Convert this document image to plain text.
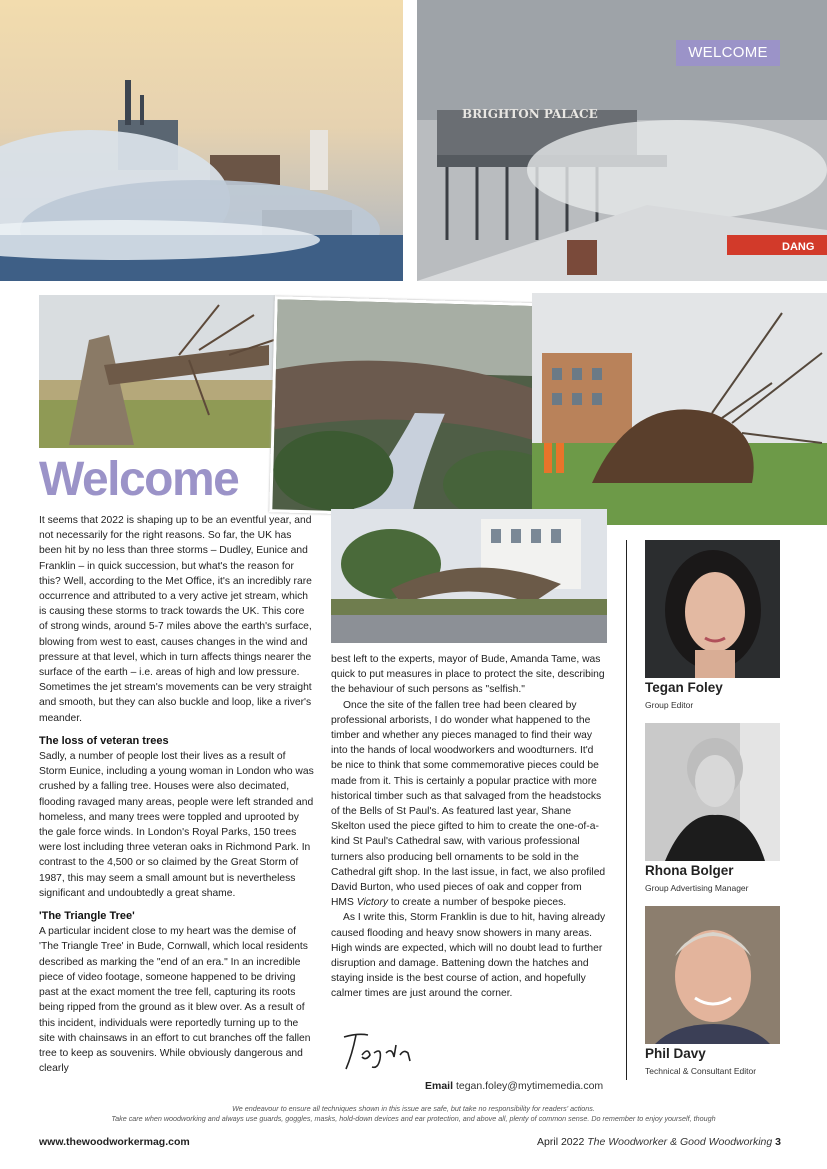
BRIGHTON PALACE
DANG
WELCOME
Welcome

It seems that 2022 is shaping up to be an eventful year, and not necessarily for the right reasons. So far, the UK has been hit by no less than three storms – Dudley, Eunice and Franklin – in quick succession, but what's the reason for this? Well, according to the Met Office, it's an incredibly rare occurrence and attributed to a very active jet stream, which is causing these storms to track towards the UK. This core of strong winds, around 5-7 miles above the earth's surface, blowing from west to east, causes changes in the wind and pressure at that level, which in turn affects things nearer the surface of the earth – i.e. areas of high and low pressure. Sometimes the jet stream's movements can be very straight and smooth, but they can also buckle and loop, like a river's meander.

The loss of veteran trees

Sadly, a number of people lost their lives as a result of Storm Eunice, including a young woman in London who was crushed by a falling tree. Houses were also decimated, flooding ravaged many areas, people were left stranded and homeless, and many trees were toppled and uprooted by the gale force winds. In London's Royal Parks, 150 trees were lost including three veteran oaks in Richmond Park. In contrast to the 4,500 or so claimed by the Great Storm of 1987, this may seem a small amount but is nevertheless significant and undoubtedly a great shame.

'The Triangle Tree'

A particular incident close to my heart was the demise of 'The Triangle Tree' in Bude, Cornwall, which local residents described as marking the "end of an era." In an incredible piece of video footage, someone happened to be driving past at the exact moment the tree fell, capturing its roots being ripped from the ground as it blew over. As a result of this incident, individuals were reportedly turning up to the site with chainsaws in an effort to cut branches off the fallen tree to keep as souvenirs. While obviously dangerous and clearly

best left to the experts, mayor of Bude, Amanda Tame, was quick to put measures in place to protect the site, describing the behaviour of such persons as "selfish."

Once the site of the fallen tree had been cleared by professional arborists, I do wonder what happened to the timber and whether any pieces managed to find their way into the hands of local woodworkers and woodturners. It'd be nice to think that some commemorative pieces could be made from it. This is certainly a popular practice with more historical timber such as that salvaged from the headstocks of the Bells of St Paul's. As featured last year, Shane Skelton used the piece gifted to him to create the one-of-a-kind St Paul's Cathedral saw, with various professional turners also producing bell ornaments to be sold in the Cathedral gift shop. In the last issue, in fact, we also profiled David Burton, who used pieces of oak and copper from HMS Victory to create a number of bespoke pieces.

As I write this, Storm Franklin is due to hit, having already caused flooding and heavy snow showers in many areas. High winds are expected, which will no doubt lead to further disruption and damage. Battening down the hatches and staying inside is the best course of action, and hopefully calmer times are just around the corner.

Tegan
Email tegan.foley@mytimemedia.com
Tegan Foley
Group Editor
Rhona Bolger
Group Advertising Manager
Phil Davy
Technical & Consultant Editor
We endeavour to ensure all techniques shown in this issue are safe, but take no responsibility for readers' actions.
Take care when woodworking and always use guards, goggles, masks, hold-down devices and ear protection, and above all, plenty of common sense. Do remember to enjoy yourself, though
www.thewoodworkermag.com	April 2022 The Woodworker & Good Woodworking 3
